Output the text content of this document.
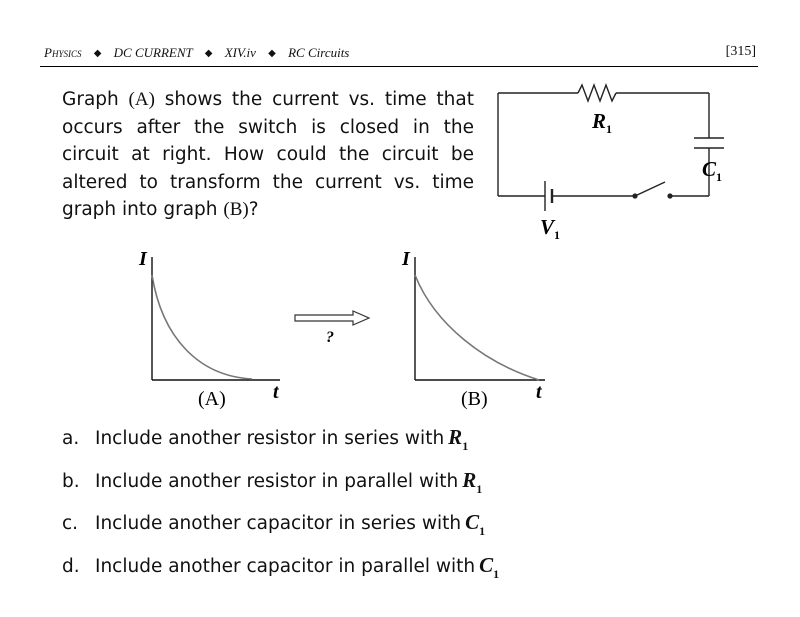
Physics ◆ DC CURRENT ◆ XIV.iv ◆ RC Circuits	[315]

Graph (A) shows the current vs. time that occurs after the switch is closed in the circuit at right. How could the circuit be altered to transform the current vs. time graph into graph (B)?

$R_1$
$C_1$
$V_1$
I
t
(A)
?
I
t
(B)
a. Include another resistor in series with $R_1$
b. Include another resistor in parallel with $R_1$
c. Include another capacitor in series with $C_1$
d. Include another capacitor in parallel with $C_1$
